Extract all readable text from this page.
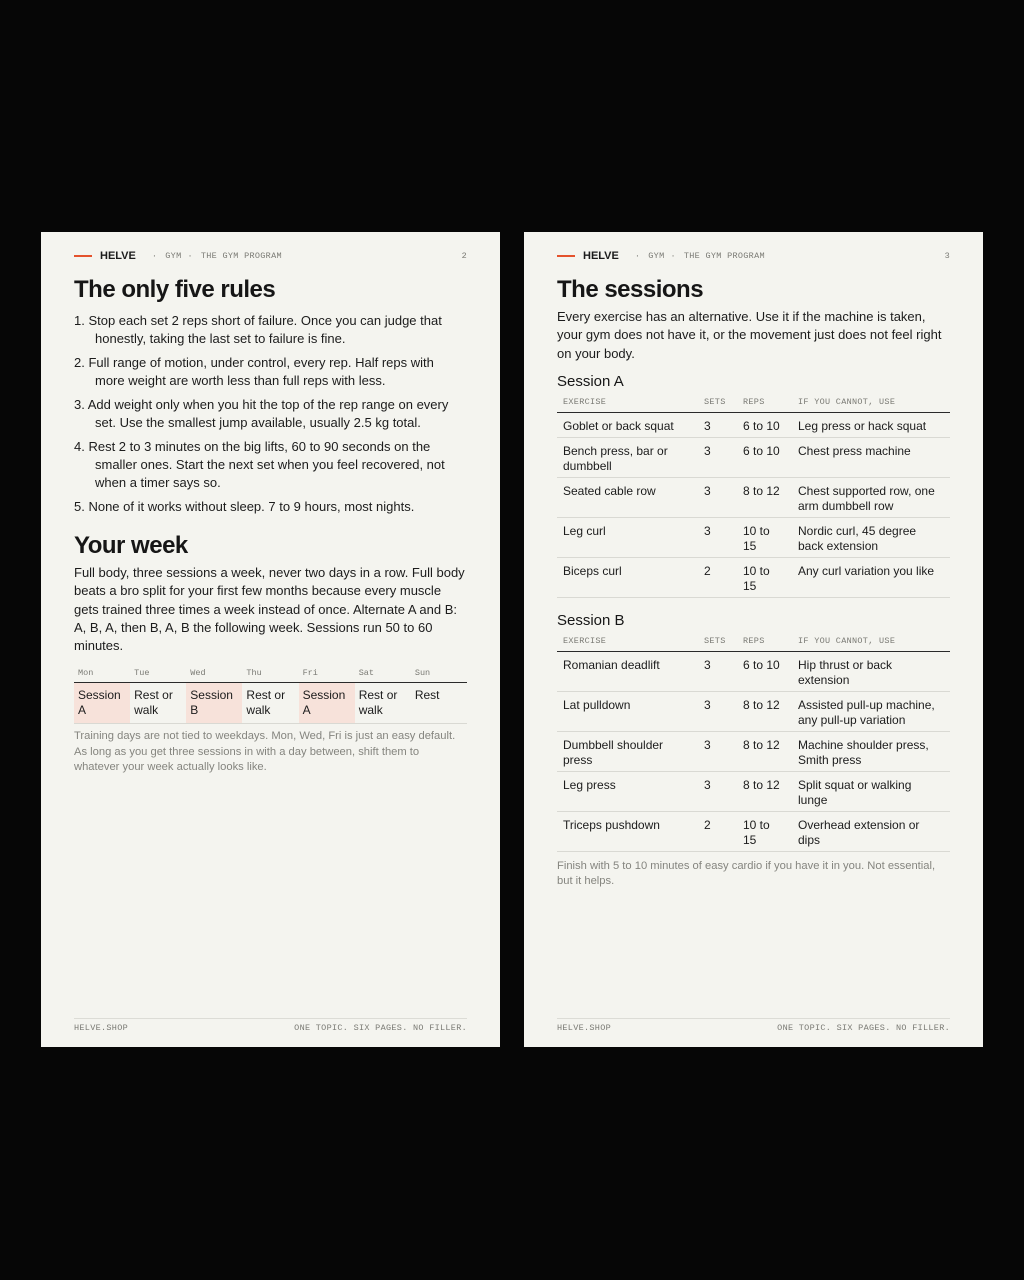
HELVE · GYM · THE GYM PROGRAM	2
The only five rules
1. Stop each set 2 reps short of failure. Once you can judge that honestly, taking the last set to failure is fine.
2. Full range of motion, under control, every rep. Half reps with more weight are worth less than full reps with less.
3. Add weight only when you hit the top of the rep range on every set. Use the smallest jump available, usually 2.5 kg total.
4. Rest 2 to 3 minutes on the big lifts, 60 to 90 seconds on the smaller ones. Start the next set when you feel recovered, not when a timer says so.
5. None of it works without sleep. 7 to 9 hours, most nights.
Your week

Full body, three sessions a week, never two days in a row. Full body beats a bro split for your first few months because every muscle gets trained three times a week instead of once. Alternate A and B: A, B, A, then B, A, B the following week. Sessions run 50 to 60 minutes.

Mon	Tue	Wed	Thu	Fri	Sat	Sun
Session A	Rest or walk	Session B	Rest or walk	Session A	Rest or walk	Rest

Training days are not tied to weekdays. Mon, Wed, Fri is just an easy default. As long as you get three sessions in with a day between, shift them to whatever your week actually looks like.

HELVE.SHOP	ONE TOPIC. SIX PAGES. NO FILLER.
HELVE · GYM · THE GYM PROGRAM	3
The sessions

Every exercise has an alternative. Use it if the machine is taken, your gym does not have it, or the movement just does not feel right on your body.

Session A
EXERCISE	SETS	REPS	IF YOU CANNOT, USE
Goblet or back squat	3	6 to 10	Leg press or hack squat
Bench press, bar or dumbbell	3	6 to 10	Chest press machine
Seated cable row	3	8 to 12	Chest supported row, one arm dumbbell row
Leg curl	3	10 to 15	Nordic curl, 45 degree back extension
Biceps curl	2	10 to 15	Any curl variation you like
Session B
EXERCISE	SETS	REPS	IF YOU CANNOT, USE
Romanian deadlift	3	6 to 10	Hip thrust or back extension
Lat pulldown	3	8 to 12	Assisted pull-up machine, any pull-up variation
Dumbbell shoulder press	3	8 to 12	Machine shoulder press, Smith press
Leg press	3	8 to 12	Split squat or walking lunge
Triceps pushdown	2	10 to 15	Overhead extension or dips

Finish with 5 to 10 minutes of easy cardio if you have it in you. Not essential, but it helps.

HELVE.SHOP	ONE TOPIC. SIX PAGES. NO FILLER.
